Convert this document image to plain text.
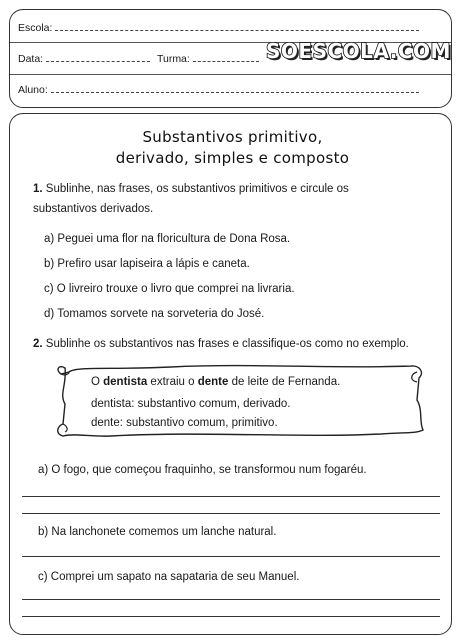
Escola:
Data:	Turma:
Aluno:
SOESCOLA.COM
Substantivos primitivo,
derivado, simples e composto
1. Sublinhe, nas frases, os substantivos primitivos e circule os
substantivos derivados.
a) Peguei uma flor na floricultura de Dona Rosa.
b) Prefiro usar lapiseira a lápis e caneta.
c) O livreiro trouxe o livro que comprei na livraria.
d) Tomamos sorvete na sorveteria do José.
2. Sublinhe os substantivos nas frases e classifique-os como no exemplo.
O dentista extraiu o dente de leite de Fernanda.
dentista: substantivo comum, derivado.
dente: substantivo comum, primitivo.
a) O fogo, que começou fraquinho, se transformou num fogaréu.
b) Na lanchonete comemos um lanche natural.
c) Comprei um sapato na sapataria de seu Manuel.
